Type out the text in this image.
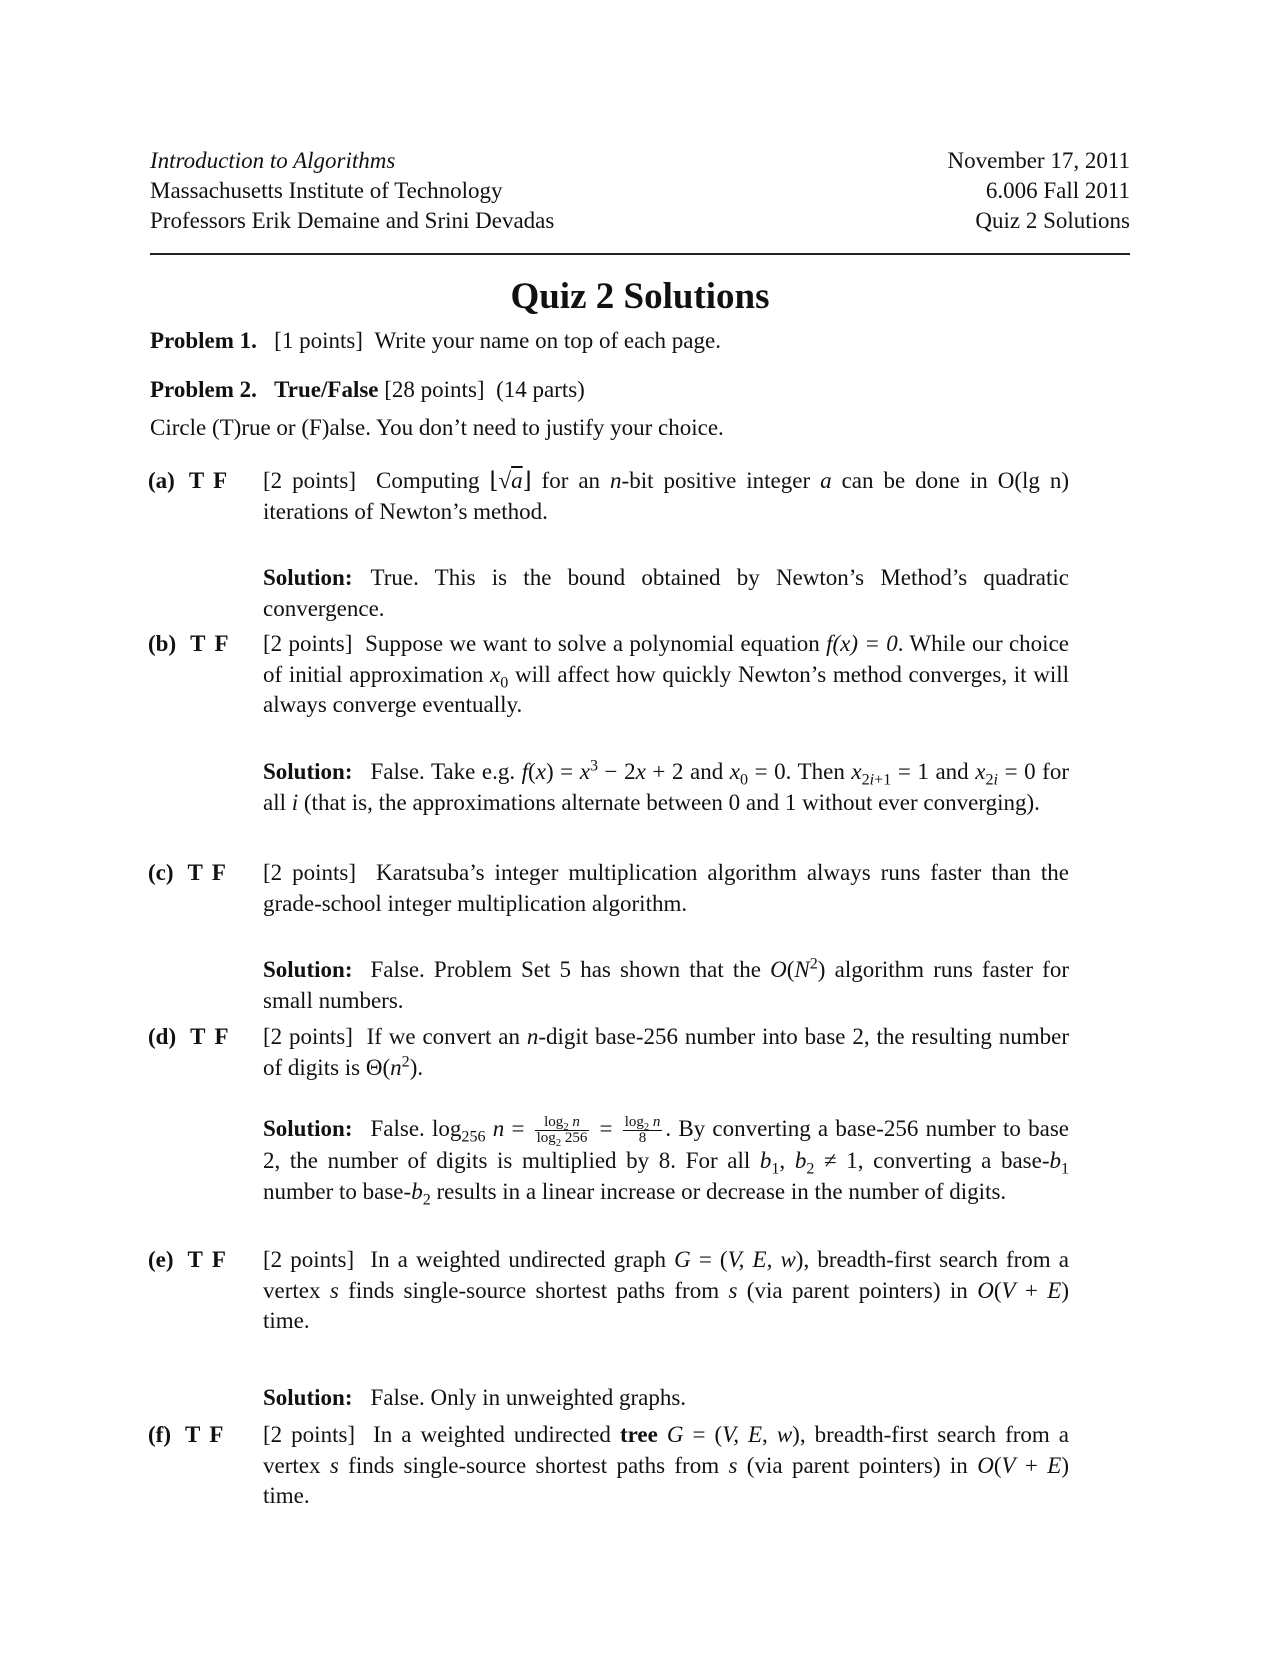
Introduction to Algorithms
Massachusetts Institute of Technology
Professors Erik Demaine and Srini Devadas
November 17, 2011
6.006 Fall 2011
Quiz 2 Solutions
Quiz 2 Solutions
Problem 1. [1 points] Write your name on top of each page.
Problem 2. True/False [28 points] (14 parts)
Circle (T)rue or (F)alse. You don’t need to justify your choice.
(a) T F	[2 points] Computing ⌊√a⌋ for an n-bit positive integer a can be done in O(lg n) iterations of Newton’s method.
Solution: True. This is the bound obtained by Newton’s Method’s quadratic convergence.
(b) T F	[2 points] Suppose we want to solve a polynomial equation f(x) = 0. While our choice of initial approximation $x_0$ will affect how quickly Newton’s method converges, it will always converge eventually.
Solution: False. Take e.g. $f(x) = x^3 - 2x + 2$ and $x_0 = 0$. Then $x_{2i+1} = 1$ and $x_{2i} = 0$ for all i (that is, the approximations alternate between 0 and 1 without ever converging).
(c) T F	[2 points] Karatsuba’s integer multiplication algorithm always runs faster than the grade-school integer multiplication algorithm.
Solution: False. Problem Set 5 has shown that the $O(N^2)$ algorithm runs faster for small numbers.
(d) T F	[2 points] If we convert an n-digit base-256 number into base 2, the resulting number of digits is $\Theta(n^2)$.
Solution: False. $\log_{256} n = \frac{\log_2 n}{\log_2 256} = \frac{\log_2 n}{8}$ . By converting a base-256 number to base 2, the number of digits is multiplied by 8. For all $b_1$, $b_2 \ne 1$, converting a base-$b_1$ number to base-$b_2$ results in a linear increase or decrease in the number of digits.
(e) T F	[2 points] In a weighted undirected graph G = (V, E, w), breadth-first search from a vertex s finds single-source shortest paths from s (via parent pointers) in O(V + E) time.
Solution: False. Only in unweighted graphs.
(f) T F	[2 points] In a weighted undirected tree G = (V, E, w), breadth-first search from a vertex s finds single-source shortest paths from s (via parent pointers) in O(V + E) time.
